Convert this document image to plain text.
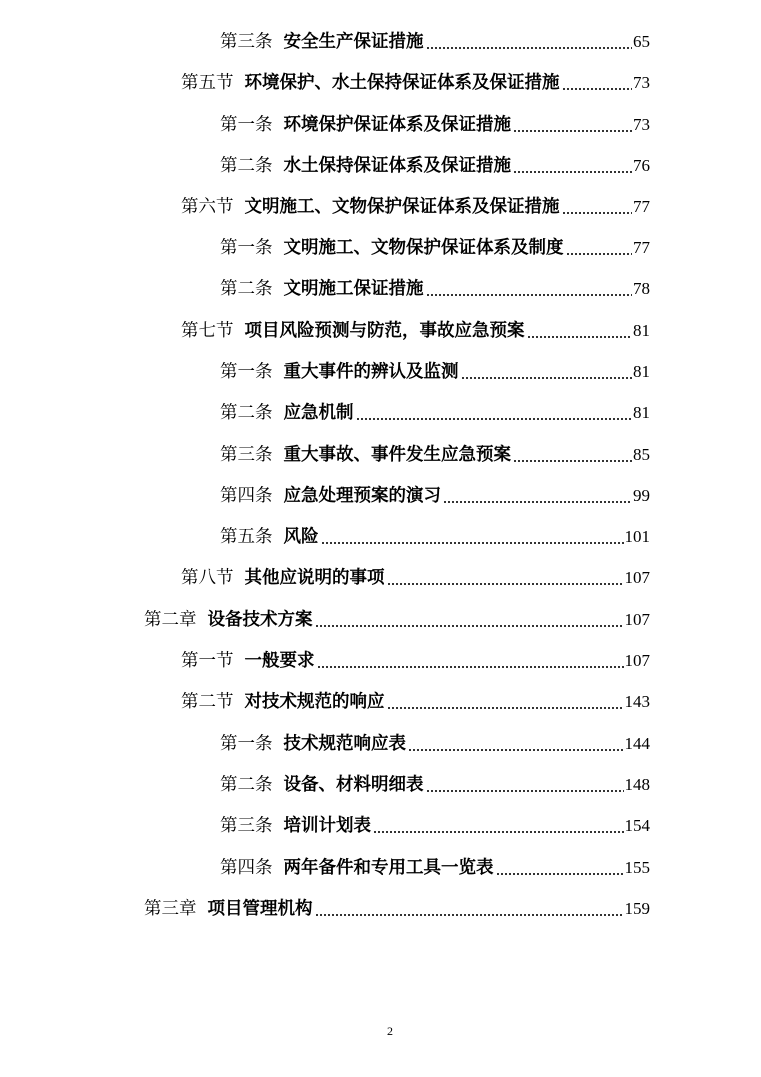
第三条 安全生产保证措施	65
第五节 环境保护、水土保持保证体系及保证措施	73
第一条 环境保护保证体系及保证措施	73
第二条 水土保持保证体系及保证措施	76
第六节 文明施工、文物保护保证体系及保证措施	77
第一条 文明施工、文物保护保证体系及制度	77
第二条 文明施工保证措施	78
第七节 项目风险预测与防范，事故应急预案	81
第一条 重大事件的辨认及监测	81
第二条 应急机制	81
第三条 重大事故、事件发生应急预案	85
第四条 应急处理预案的演习	99
第五条 风险	101
第八节 其他应说明的事项	107
第二章 设备技术方案	107
第一节 一般要求	107
第二节 对技术规范的响应	143
第一条 技术规范响应表	144
第二条 设备、材料明细表	148
第三条 培训计划表	154
第四条 两年备件和专用工具一览表	155
第三章 项目管理机构	159
2
